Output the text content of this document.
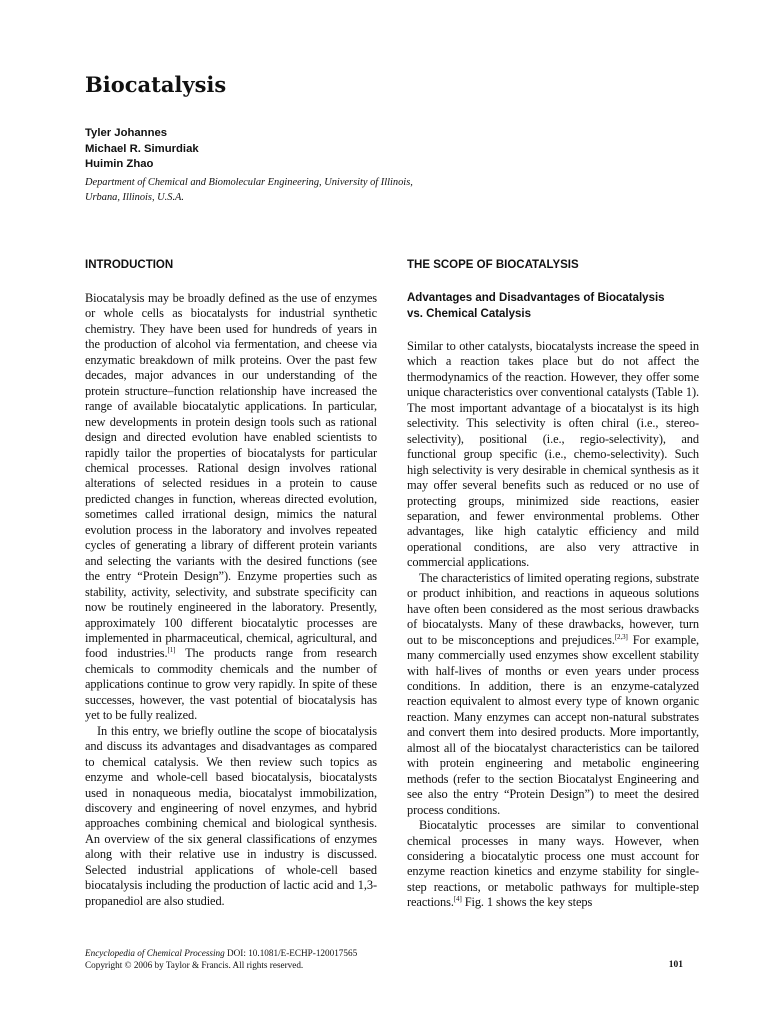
Biocatalysis
Tyler Johannes
Michael R. Simurdiak
Huimin Zhao
Department of Chemical and Biomolecular Engineering, University of Illinois,
Urbana, Illinois, U.S.A.
INTRODUCTION

Biocatalysis may be broadly defined as the use of enzymes or whole cells as biocatalysts for industrial synthetic chemistry. They have been used for hundreds of years in the production of alcohol via fermentation, and cheese via enzymatic breakdown of milk proteins. Over the past few decades, major advances in our understanding of the protein structure–function relationship have increased the range of available biocatalytic applications. In particular, new developments in protein design tools such as rational design and directed evolution have enabled scientists to rapidly tailor the properties of biocatalysts for particular chemical processes. Rational design involves rational alterations of selected residues in a protein to cause predicted changes in function, whereas directed evolution, sometimes called irrational design, mimics the natural evolution process in the laboratory and involves repeated cycles of generating a library of different protein variants and selecting the variants with the desired functions (see the entry “Protein Design”). Enzyme properties such as stability, activity, selectivity, and substrate specificity can now be routinely engineered in the laboratory. Presently, approximately 100 different biocatalytic processes are implemented in pharmaceutical, chemical, agricultural, and food industries.[1] The products range from research chemicals to commodity chemicals and the number of applications continue to grow very rapidly. In spite of these successes, however, the vast potential of biocatalysis has yet to be fully realized.

In this entry, we briefly outline the scope of biocatalysis and discuss its advantages and disadvantages as compared to chemical catalysis. We then review such topics as enzyme and whole-cell based biocatalysis, biocatalysts used in nonaqueous media, biocatalyst immobilization, discovery and engineering of novel enzymes, and hybrid approaches combining chemical and biological synthesis. An overview of the six general classifications of enzymes along with their relative use in industry is discussed. Selected industrial applications of whole-cell based biocatalysis including the production of lactic acid and 1,3-propanediol are also studied.

THE SCOPE OF BIOCATALYSIS
Advantages and Disadvantages of Biocatalysis
vs. Chemical Catalysis

Similar to other catalysts, biocatalysts increase the speed in which a reaction takes place but do not affect the thermodynamics of the reaction. However, they offer some unique characteristics over conventional catalysts (Table 1). The most important advantage of a biocatalyst is its high selectivity. This selectivity is often chiral (i.e., stereo-selectivity), positional (i.e., regio-selectivity), and functional group specific (i.e., chemo-selectivity). Such high selectivity is very desirable in chemical synthesis as it may offer several benefits such as reduced or no use of protecting groups, minimized side reactions, easier separation, and fewer environmental problems. Other advantages, like high catalytic efficiency and mild operational conditions, are also very attractive in commercial applications.

The characteristics of limited operating regions, substrate or product inhibition, and reactions in aqueous solutions have often been considered as the most serious drawbacks of biocatalysts. Many of these drawbacks, however, turn out to be misconceptions and prejudices.[2,3] For example, many commercially used enzymes show excellent stability with half-lives of months or even years under process conditions. In addition, there is an enzyme-catalyzed reaction equivalent to almost every type of known organic reaction. Many enzymes can accept non-natural substrates and convert them into desired products. More importantly, almost all of the biocatalyst characteristics can be tailored with protein engineering and metabolic engineering methods (refer to the section Biocatalyst Engineering and see also the entry “Protein Design”) to meet the desired process conditions.

Biocatalytic processes are similar to conventional chemical processes in many ways. However, when considering a biocatalytic process one must account for enzyme reaction kinetics and enzyme stability for single-step reactions, or metabolic pathways for multiple-step reactions.[4] Fig. 1 shows the key steps

Encyclopedia of Chemical Processing DOI: 10.1081/E-ECHP-120017565
Copyright © 2006 by Taylor & Francis. All rights reserved.	101
